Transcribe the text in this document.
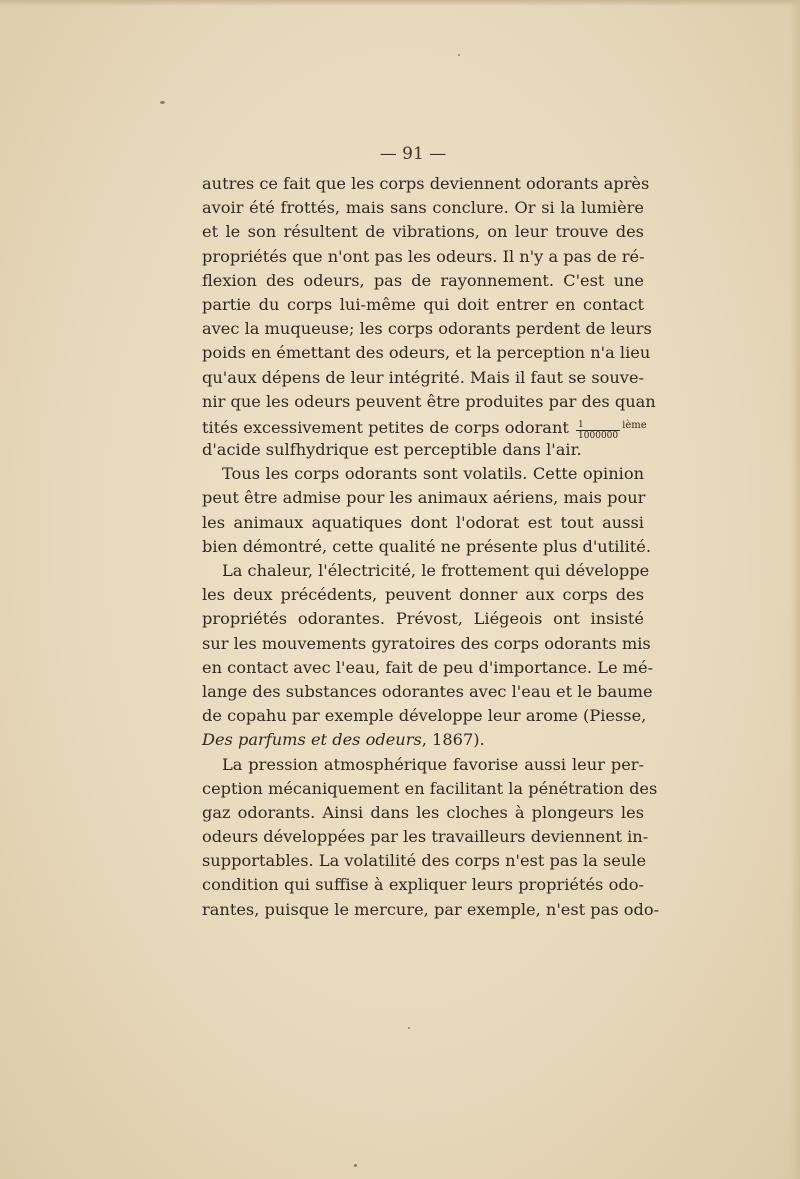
— 91 —
autres ce fait que les corps deviennent odorants après
avoir été frottés, mais sans conclure. Or si la lumière
et le son résultent de vibrations, on leur trouve des
propriétés que n'ont pas les odeurs. Il n'y a pas de ré-
flexion des odeurs, pas de rayonnement. C'est une
partie du corps lui-même qui doit entrer en contact
avec la muqueuse; les corps odorants perdent de leurs
poids en émettant des odeurs, et la perception n'a lieu
qu'aux dépens de leur intégrité. Mais il faut se souve-
nir que les odeurs peuvent être produites par des quan
tités excessivement petites de corps odorant $\frac{1}{1000000} ^{ième}$
d'acide sulfhydrique est perceptible dans l'air.
Tous les corps odorants sont volatils. Cette opinion
peut être admise pour les animaux aériens, mais pour
les animaux aquatiques dont l'odorat est tout aussi
bien démontré, cette qualité ne présente plus d'utilité.
La chaleur, l'électricité, le frottement qui développe
les deux précédents, peuvent donner aux corps des
propriétés odorantes. Prévost, Liégeois ont insisté
sur les mouvements gyratoires des corps odorants mis
en contact avec l'eau, fait de peu d'importance. Le mé-
lange des substances odorantes avec l'eau et le baume
de copahu par exemple développe leur arome (Piesse,
Des parfums et des odeurs, 1867).
La pression atmosphérique favorise aussi leur per-
ception mécaniquement en facilitant la pénétration des
gaz odorants. Ainsi dans les cloches à plongeurs les
odeurs développées par les travailleurs deviennent in-
supportables. La volatilité des corps n'est pas la seule
condition qui suffise à expliquer leurs propriétés odo-
rantes, puisque le mercure, par exemple, n'est pas odo-
